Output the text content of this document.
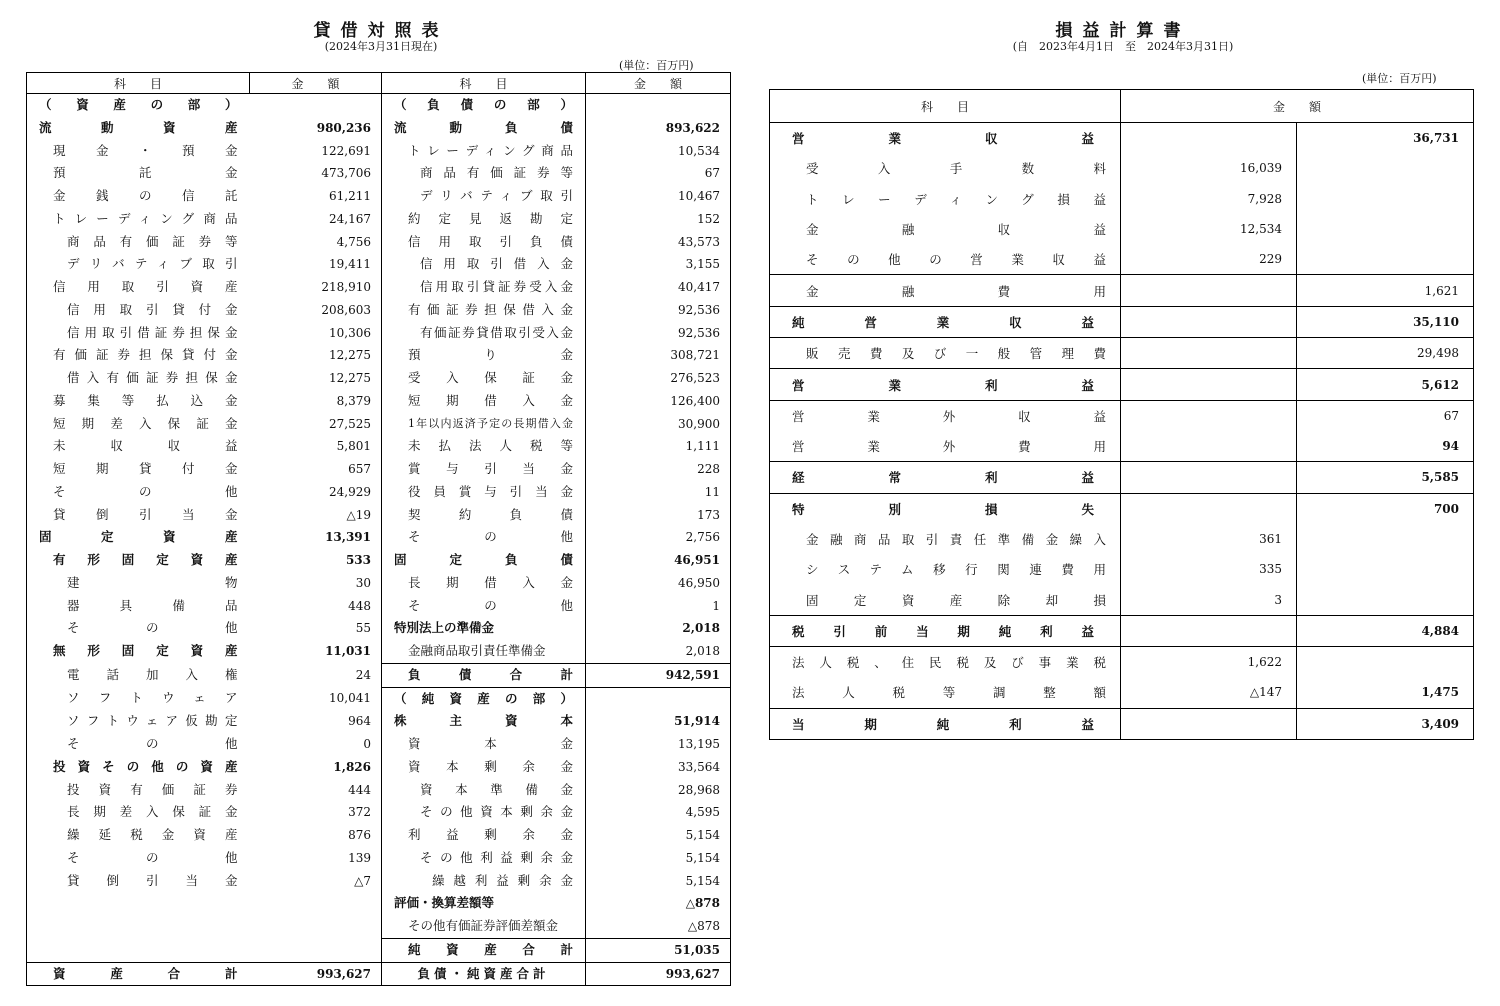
貸借対照表
(2024年3月31日現在)
(単位：百万円)
科　　目	金　　額	科　　目	金　　額

（資産の部）		（負債の部）	

流動資産	980,236	流動負債	893,622

現金・預金	122,691	トレーディング商品	10,534

預託金	473,706	商品有価証券等	67

金銭の信託	61,211	デリバティブ取引	10,467

トレーディング商品	24,167	約定見返勘定	152

商品有価証券等	4,756	信用取引負債	43,573

デリバティブ取引	19,411	信用取引借入金	3,155

信用取引資産	218,910	信用取引貸証券受入金	40,417

信用取引貸付金	208,603	有価証券担保借入金	92,536

信用取引借証券担保金	10,306	有価証券貸借取引受入金	92,536

有価証券担保貸付金	12,275	預り金	308,721

借入有価証券担保金	12,275	受入保証金	276,523

募集等払込金	8,379	短期借入金	126,400

短期差入保証金	27,525	1年以内返済予定の長期借入金	30,900

未収収益	5,801	未払法人税等	1,111

短期貸付金	657	賞与引当金	228

その他	24,929	役員賞与引当金	11

貸倒引当金	△19	契約負債	173

固定資産	13,391	その他	2,756

有形固定資産	533	固定負債	46,951

建物	30	長期借入金	46,950

器具備品	448	その他	1

その他	55	特別法上の準備金	2,018

無形固定資産	11,031	金融商品取引責任準備金	2,018

電話加入権	24	負債合計	942,591

ソフトウェア	10,041	（純資産の部）	

ソフトウェア仮勘定	964	株主資本	51,914

その他	0	資本金	13,195

投資その他の資産	1,826	資本剰余金	33,564

投資有価証券	444	資本準備金	28,968

長期差入保証金	372	その他資本剰余金	4,595

繰延税金資産	876	利益剰余金	5,154

その他	139	その他利益剰余金	5,154

貸倒引当金	△7	繰越利益剰余金	5,154

		評価・換算差額等	△878

		その他有価証券評価差額金	△878

		純資産合計	51,035

資産合計	993,627	負債・純資産合計	993,627
損益計算書
(自　2023年4月1日　至　2024年3月31日)
(単位：百万円)
科　　目	金　　額	

営業収益		36,731

受入手数料	16,039	

トレーディング損益	7,928	

金融収益	12,534	

その他の営業収益	229	

金融費用		1,621

純営業収益		35,110

販売費及び一般管理費		29,498

営業利益		5,612

営業外収益		67

営業外費用		94

経常利益		5,585

特別損失		700

金融商品取引責任準備金繰入	361	

システム移行関連費用	335	

固定資産除却損	3	

税引前当期純利益		4,884

法人税、住民税及び事業税	1,622	

法人税等調整額	△147	1,475

当期純利益		3,409
